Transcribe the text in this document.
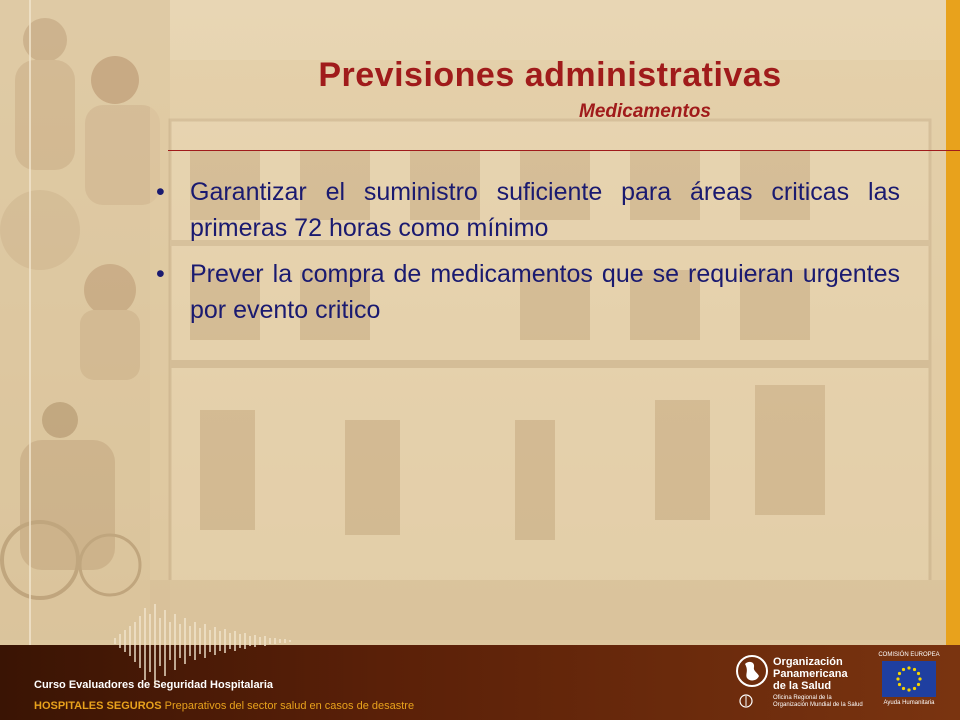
Previsiones administrativas
Medicamentos
• Garantizar el suministro suficiente para áreas criticas las primeras 72 horas como mínimo
• Prever la compra de medicamentos que se requieran urgentes por evento critico
Curso Evaluadores de Seguridad Hospitalaria
HOSPITALES SEGUROS Preparativos del sector salud en casos de desastre
Organización
Panamericana
de la Salud
Oficina Regional de la
Organización Mundial de la Salud
COMISIÓN EUROPEA
Ayuda Humanitaria
